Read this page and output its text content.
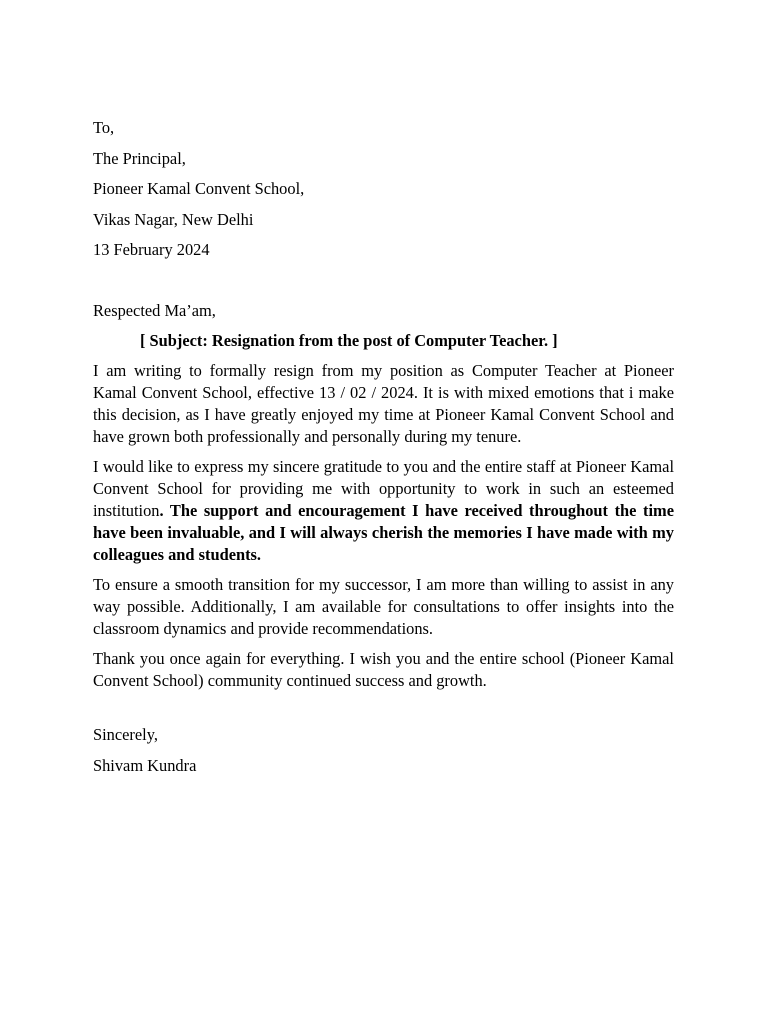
To,
The Principal,
Pioneer Kamal Convent School,
Vikas Nagar, New Delhi
13 February 2024
Respected Ma’am,
[ Subject: Resignation from the post of Computer Teacher. ]

I am writing to formally resign from my position as Computer Teacher at Pioneer Kamal Convent School, effective 13 / 02 / 2024. It is with mixed emotions that i make this decision, as I have greatly enjoyed my time at Pioneer Kamal Convent School and have grown both professionally and personally during my tenure.

I would like to express my sincere gratitude to you and the entire staff at Pioneer Kamal Convent School for providing me with opportunity to work in such an esteemed institution. The support and encouragement I have received throughout the time have been invaluable, and I will always cherish the memories I have made with my colleagues and students.

To ensure a smooth transition for my successor, I am more than willing to assist in any way possible. Additionally, I am available for consultations to offer insights into the classroom dynamics and provide recommendations.

Thank you once again for everything. I wish you and the entire school (Pioneer Kamal Convent School) community continued success and growth.

Sincerely,
Shivam Kundra
